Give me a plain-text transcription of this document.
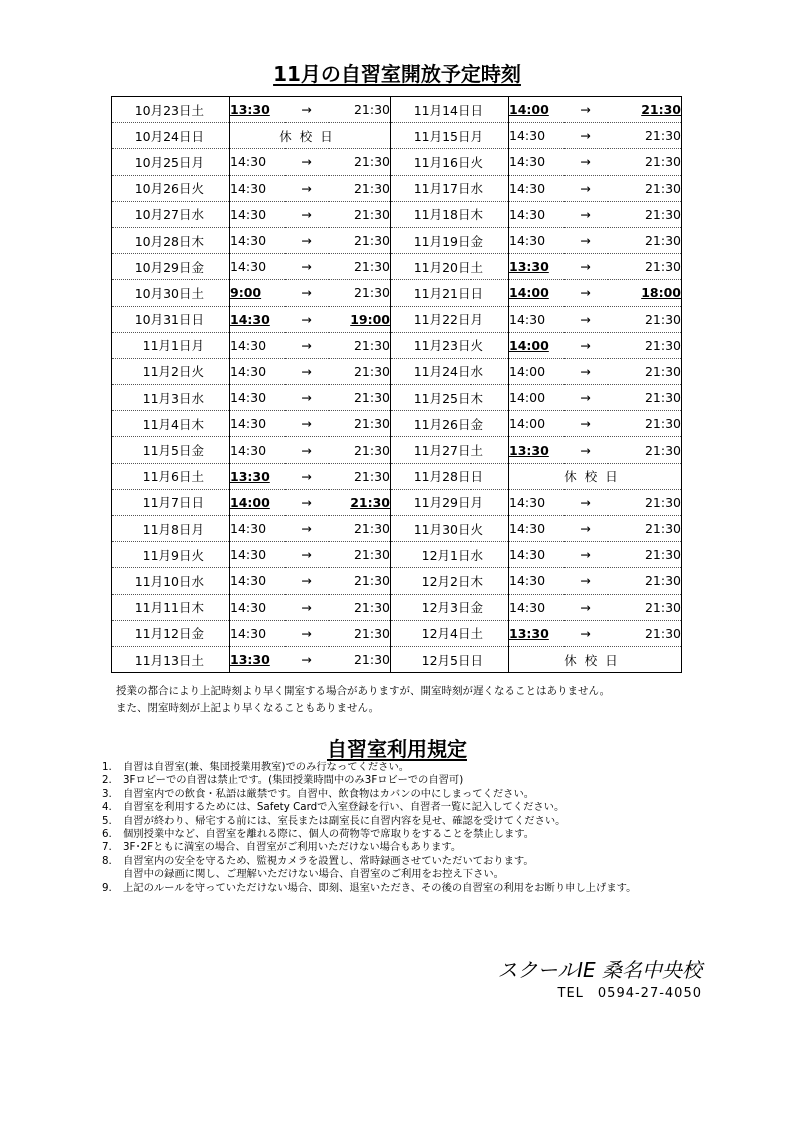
11月の自習室開放予定時刻
10月23日	土	13:30	→	21:30	11月14日	日	14:00	→	21:30
10月24日	日	休校日			11月15日	月	14:30	→	21:30
10月25日	月	14:30	→	21:30	11月16日	火	14:30	→	21:30
10月26日	火	14:30	→	21:30	11月17日	水	14:30	→	21:30
10月27日	水	14:30	→	21:30	11月18日	木	14:30	→	21:30
10月28日	木	14:30	→	21:30	11月19日	金	14:30	→	21:30
10月29日	金	14:30	→	21:30	11月20日	土	13:30	→	21:30
10月30日	土	9:00	→	21:30	11月21日	日	14:00	→	18:00
10月31日	日	14:30	→	19:00	11月22日	月	14:30	→	21:30
11月1日	月	14:30	→	21:30	11月23日	火	14:00	→	21:30
11月2日	火	14:30	→	21:30	11月24日	水	14:00	→	21:30
11月3日	水	14:30	→	21:30	11月25日	木	14:00	→	21:30
11月4日	木	14:30	→	21:30	11月26日	金	14:00	→	21:30
11月5日	金	14:30	→	21:30	11月27日	土	13:30	→	21:30
11月6日	土	13:30	→	21:30	11月28日	日	休校日		
11月7日	日	14:00	→	21:30	11月29日	月	14:30	→	21:30
11月8日	月	14:30	→	21:30	11月30日	火	14:30	→	21:30
11月9日	火	14:30	→	21:30	12月1日	水	14:30	→	21:30
11月10日	水	14:30	→	21:30	12月2日	木	14:30	→	21:30
11月11日	木	14:30	→	21:30	12月3日	金	14:30	→	21:30
11月12日	金	14:30	→	21:30	12月4日	土	13:30	→	21:30
11月13日	土	13:30	→	21:30	12月5日	日	休校日		
授業の都合により上記時刻より早く開室する場合がありますが、開室時刻が遅くなることはありません。
また、閉室時刻が上記より早くなることもありません。
自習室利用規定
1.	自習は自習室(兼、集団授業用教室)でのみ行なってください。
2.	3Fロビーでの自習は禁止です。(集団授業時間中のみ3Fロビーでの自習可)
3.	自習室内での飲食・私語は厳禁です。自習中、飲食物はカバンの中にしまってください。
4.	自習室を利用するためには、Safety Cardで入室登録を行い、自習者一覧に記入してください。
5.	自習が終わり、帰宅する前には、室長または副室長に自習内容を見せ、確認を受けてください。
6.	個別授業中など、自習室を離れる際に、個人の荷物等で席取りをすることを禁止します。
7.	3F･2Fともに満室の場合、自習室がご利用いただけない場合もあります。
8.	自習室内の安全を守るため、監視カメラを設置し、常時録画させていただいております。
自習中の録画に関し、ご理解いただけない場合、自習室のご利用をお控え下さい。
9.	上記のルールを守っていただけない場合、即刻、退室いただき、その後の自習室の利用をお断り申し上げます。
スクールIE 桑名中央校
TEL　0594-27-4050
